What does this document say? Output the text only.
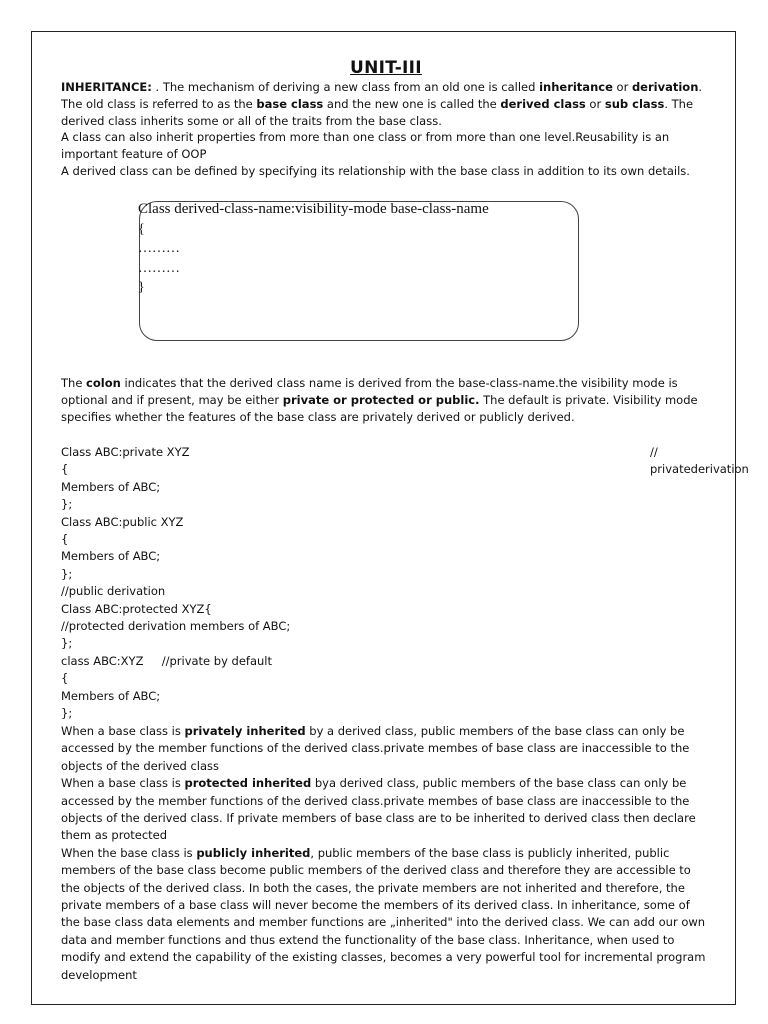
UNIT-III

INHERITANCE: . The mechanism of deriving a new class from an old one is called inheritance or derivation. The old class is referred to as the base class and the new one is called the derived class or sub class. The derived class inherits some or all of the traits from the base class.

A class can also inherit properties from more than one class or from more than one level.Reusability is an important feature of OOP

A derived class can be defined by specifying its relationship with the base class in addition to its own details.

Class derived-class-name:visibility-mode base-class-name
{
………
………
}

The colon indicates that the derived class name is derived from the base-class-name.the visibility mode is optional and if present, may be either private or protected or public. The default is private. Visibility mode specifies whether the features of the base class are privately derived or publicly derived.

Class ABC:private XYZ
{
Members of ABC;
};
Class ABC:public XYZ
{
Members of ABC;
};
//public derivation
Class ABC:protected XYZ{
//protected derivation members of ABC;
};
class ABC:XYZ     //private by default
{
Members of ABC;
};
//
privatederivation

When a base class is privately inherited by a derived class, public members of the base class can only be accessed by the member functions of the derived class.private membes of base class are inaccessible to the objects of the derived class

When a base class is protected inherited bya derived class, public members of the base class can only be accessed by the member functions of the derived class.private membes of base class are inaccessible to the objects of the derived class. If private members of base class are to be inherited to derived class then declare them as protected

When the base class is publicly inherited, public members of the base class is publicly inherited, public members of the base class become public members of the derived class and therefore they are accessible to the objects of the derived class. In both the cases, the private members are not inherited and therefore, the private members of a base class will never become the members of its derived class. In inheritance, some of the base class data elements and member functions are „inherited" into the derived class. We can add our own data and member functions and thus extend the functionality of the base class. Inheritance, when used to modify and extend the capability of the existing classes, becomes a very powerful tool for incremental program development
